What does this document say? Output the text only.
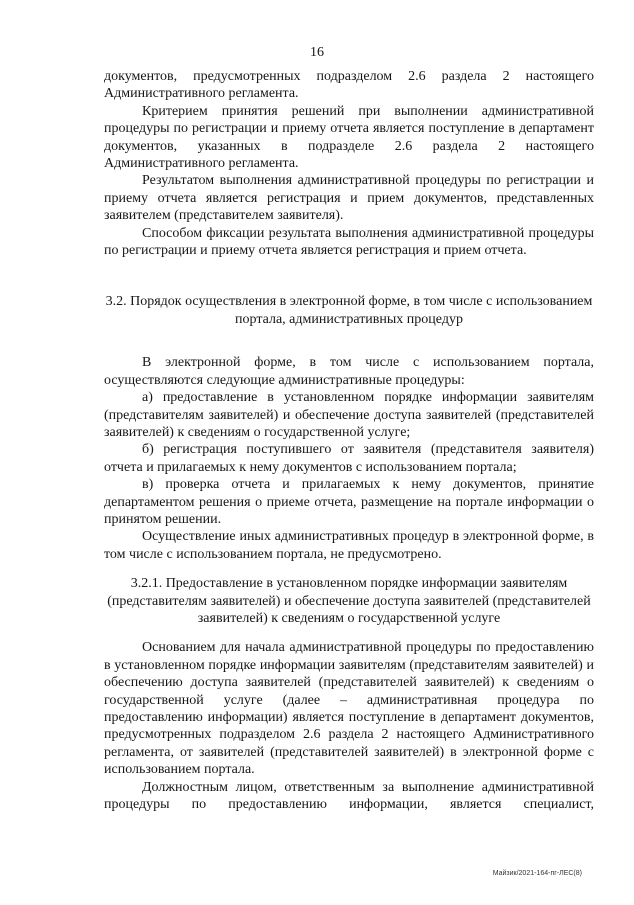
16

документов, предусмотренных подразделом 2.6 раздела 2 настоящего Административного регламента.

Критерием принятия решений при выполнении административной процедуры по регистрации и приему отчета является поступление в департамент документов, указанных в подразделе 2.6 раздела 2 настоящего Административного регламента.

Результатом выполнения административной процедуры по регистрации и приему отчета является регистрация и прием документов, представленных заявителем (представителем заявителя).

Способом фиксации результата выполнения административной процедуры по регистрации и приему отчета является регистрация и прием отчета.

3.2. Порядок осуществления в электронной форме, в том числе с использованием портала, административных процедур

В электронной форме, в том числе с использованием портала, осуществляются следующие административные процедуры:

а) предоставление в установленном порядке информации заявителям (представителям заявителей) и обеспечение доступа заявителей (представителей заявителей) к сведениям о государственной услуге;

б) регистрация поступившего от заявителя (представителя заявителя) отчета и прилагаемых к нему документов с использованием портала;

в) проверка отчета и прилагаемых к нему документов, принятие департаментом решения о приеме отчета, размещение на портале информации о принятом решении.

Осуществление иных административных процедур в электронной форме, в том числе с использованием портала, не предусмотрено.

3.2.1. Предоставление в установленном порядке информации заявителям (представителям заявителей) и обеспечение доступа заявителей (представителей заявителей) к сведениям о государственной услуге

Основанием для начала административной процедуры по предоставлению в установленном порядке информации заявителям (представителям заявителей) и обеспечению доступа заявителей (представителей заявителей) к сведениям о государственной услуге (далее – административная процедура по предоставлению информации) является поступление в департамент документов, предусмотренных подразделом 2.6 раздела 2 настоящего Административного регламента, от заявителей (представителей заявителей) в электронной форме с использованием портала.

Должностным лицом, ответственным за выполнение административной процедуры по предоставлению информации, является специалист,

Майзик/2021-164-пг-ЛЕС(8)
